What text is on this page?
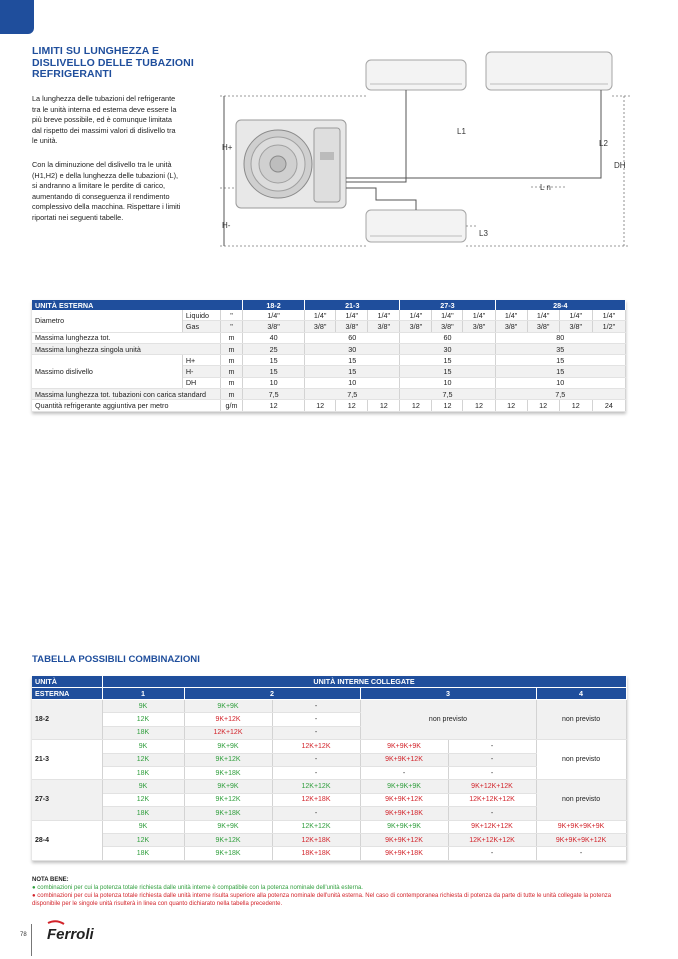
LIMITI SU LUNGHEZZA E DISLIVELLO DELLE TUBAZIONI REFRIGERANTI

La lunghezza delle tubazioni del refrigerante tra le unità interna ed esterna deve essere la più breve possibile, ed è comunque limitata dal rispetto dei massimi valori di dislivello tra le unità.

Con la diminuzione del dislivello tra le unità (H1,H2) e della lunghezza delle tubazioni (L), si andranno a limitare le perdite di carico, aumentando di conseguenza il rendimento complessivo della macchina. Rispettare i limiti riportati nei seguenti tabelle.

H+
H-
L1
L2
L3
L n
DH
UNITÀ ESTERNA			18-2	21-3			27-3			28-4			
Diametro	Liquido	"	1/4"	1/4"	1/4"	1/4"	1/4"	1/4"	1/4"	1/4"	1/4"	1/4"	1/4"
	Gas	"	3/8"	3/8"	3/8"	3/8"	3/8"	3/8"	3/8"	3/8"	3/8"	3/8"	1/2"
Massima lunghezza tot.		m	40	60			60			80			
Massima lunghezza singola unità		m	25	30			30			35			
Massimo dislivello	H+	m	15	15			15			15			
	H-	m	15	15			15			15			
	DH	m	10	10			10			10			
Massima lunghezza tot. tubazioni con carica standard		m	7,5	7,5			7,5			7,5			
Quantità refrigerante aggiuntiva per metro		g/m	12	12	12	12	12	12	12	12	12	12	24
TABELLA POSSIBILI COMBINAZIONI
UNITÀ	UNITÀ INTERNE COLLEGATE					
ESTERNA	1	2		3		4
18-2	9K	9K+9K	-	non previsto		non previsto
	12K	9K+12K	-			
	18K	12K+12K	-			
21-3	9K	9K+9K	12K+12K	9K+9K+9K	-	non previsto
	12K	9K+12K	-	9K+9K+12K	-	
	18K	9K+18K	-	-	-	
27-3	9K	9K+9K	12K+12K	9K+9K+9K	9K+12K+12K	non previsto
	12K	9K+12K	12K+18K	9K+9K+12K	12K+12K+12K	
	18K	9K+18K	-	9K+9K+18K	-	
28-4	9K	9K+9K	12K+12K	9K+9K+9K	9K+12K+12K	9K+9K+9K+9K
	12K	9K+12K	12K+18K	9K+9K+12K	12K+12K+12K	9K+9K+9K+12K
	18K	9K+18K	18K+18K	9K+9K+18K	-	-
NOTA BENE:

● combinazioni per cui la potenza totale richiesta dalle unità interne è compatibile con la potenza nominale dell'unità esterna.

● combinazioni per cui la potenza totale richiesta dalle unità interne risulta superiore alla potenza nominale dell'unità esterna. Nel caso di contemporanea richiesta di potenza da parte di tutte le unità collegate la potenza disponibile per le singole unità risulterà in linea con quanto dichiarato nella tabella precedente.

78 Ferroli
